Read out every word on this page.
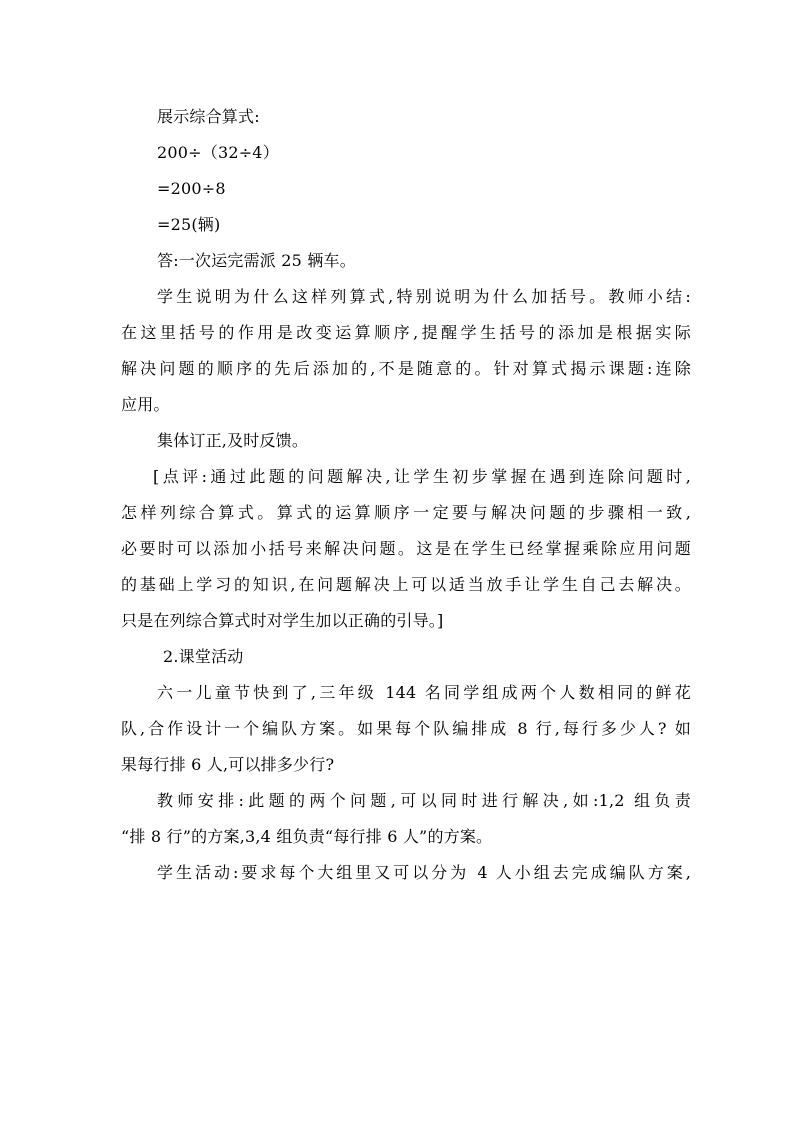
展示综合算式:
200÷（32÷4）
=200÷8
=25(辆)
答:一次运完需派 25 辆车。
学生说明为什么这样列算式,特别说明为什么加括号。教师小结:
在这里括号的作用是改变运算顺序,提醒学生括号的添加是根据实际
解决问题的顺序的先后添加的,不是随意的。针对算式揭示课题:连除
应用。
集体订正,及时反馈。
[点评:通过此题的问题解决,让学生初步掌握在遇到连除问题时,
怎样列综合算式。算式的运算顺序一定要与解决问题的步骤相一致,
必要时可以添加小括号来解决问题。这是在学生已经掌握乘除应用问题
的基础上学习的知识,在问题解决上可以适当放手让学生自己去解决。
只是在列综合算式时对学生加以正确的引导。]
2.课堂活动
六一儿童节快到了,三年级 144 名同学组成两个人数相同的鲜花
队,合作设计一个编队方案。如果每个队编排成 8 行,每行多少人? 如
果每行排 6 人,可以排多少行?
教师安排:此题的两个问题,可以同时进行解决,如:1,2 组负责
“排 8 行”的方案,3,4 组负责“每行排 6 人”的方案。
学生活动:要求每个大组里又可以分为 4 人小组去完成编队方案,
